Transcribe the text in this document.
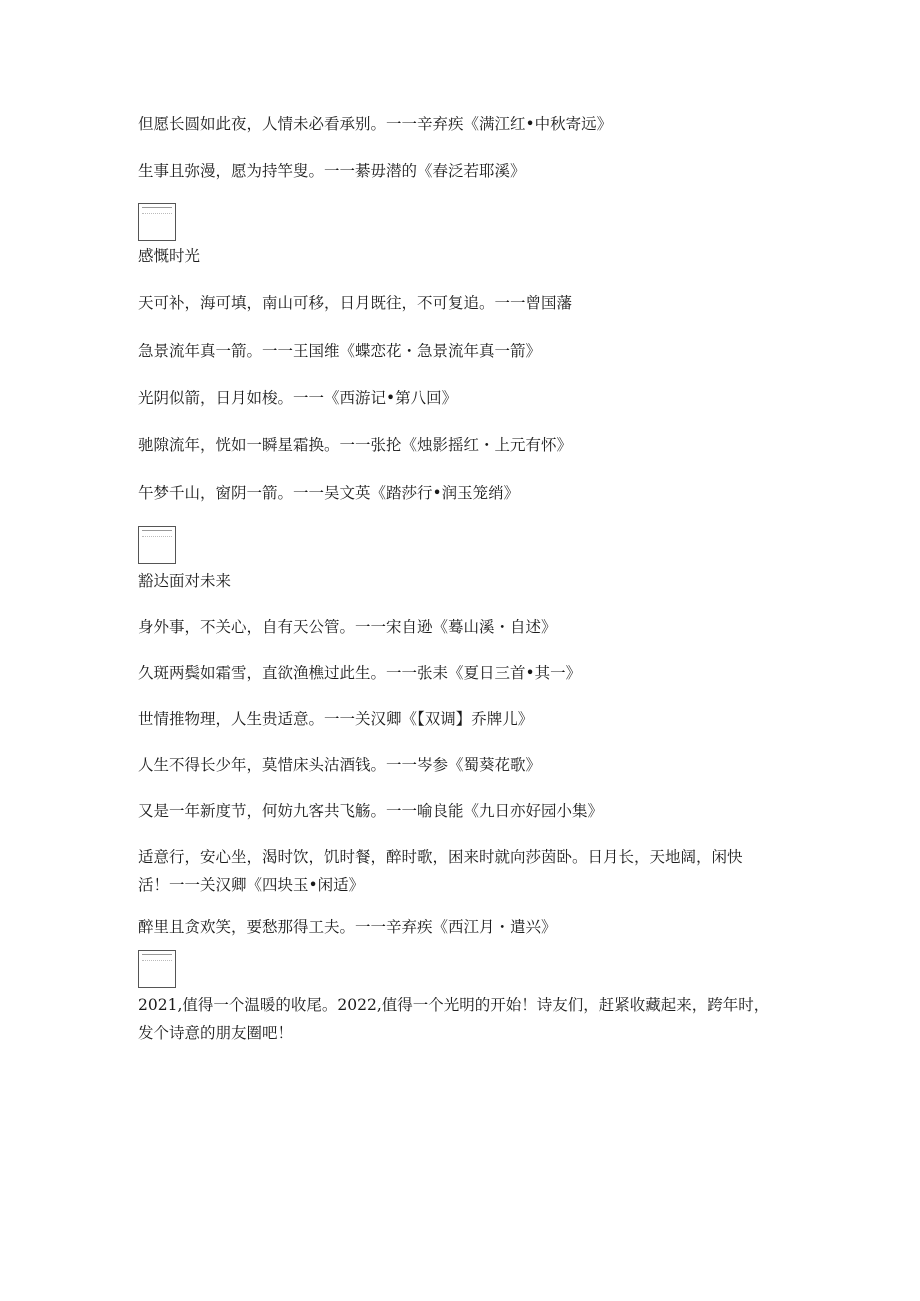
但愿长圆如此夜，人情未必看承别。一一辛弃疾《满江红•中秋寄远》
生事且弥漫，愿为持竿叟。一一綦毋潜的《春泛若耶溪》
感慨时光
天可补，海可填，南山可移，日月既往，不可复追。一一曾国藩
急景流年真一箭。一一王国维《蝶恋花・急景流年真一箭》
光阴似箭，日月如梭。一一《西游记•第八回》
驰隙流年，恍如一瞬星霜换。一一张抡《烛影摇红・上元有怀》
午梦千山，窗阴一箭。一一吴文英《踏莎行•润玉笼绡》
豁达面对未来
身外事，不关心，自有天公管。一一宋自逊《蓦山溪・自述》
久斑两鬓如霜雪，直欲渔樵过此生。一一张耒《夏日三首•其一》
世情推物理，人生贵适意。一一关汉卿《【双调】乔牌儿》
人生不得长少年，莫惜床头沽酒钱。一一岑参《蜀葵花歌》
又是一年新度节，何妨九客共飞觞。一一喻良能《九日亦好园小集》
适意行，安心坐，渴时饮，饥时餐，醉时歌，困来时就向莎茵卧。日月长，天地阔，闲快活！一一关汉卿《四块玉•闲适》
醉里且贪欢笑，要愁那得工夫。一一辛弃疾《西江月・遣兴》
2021,值得一个温暖的收尾。2022,值得一个光明的开始！诗友们，赶紧收藏起来，跨年时，发个诗意的朋友圈吧！
